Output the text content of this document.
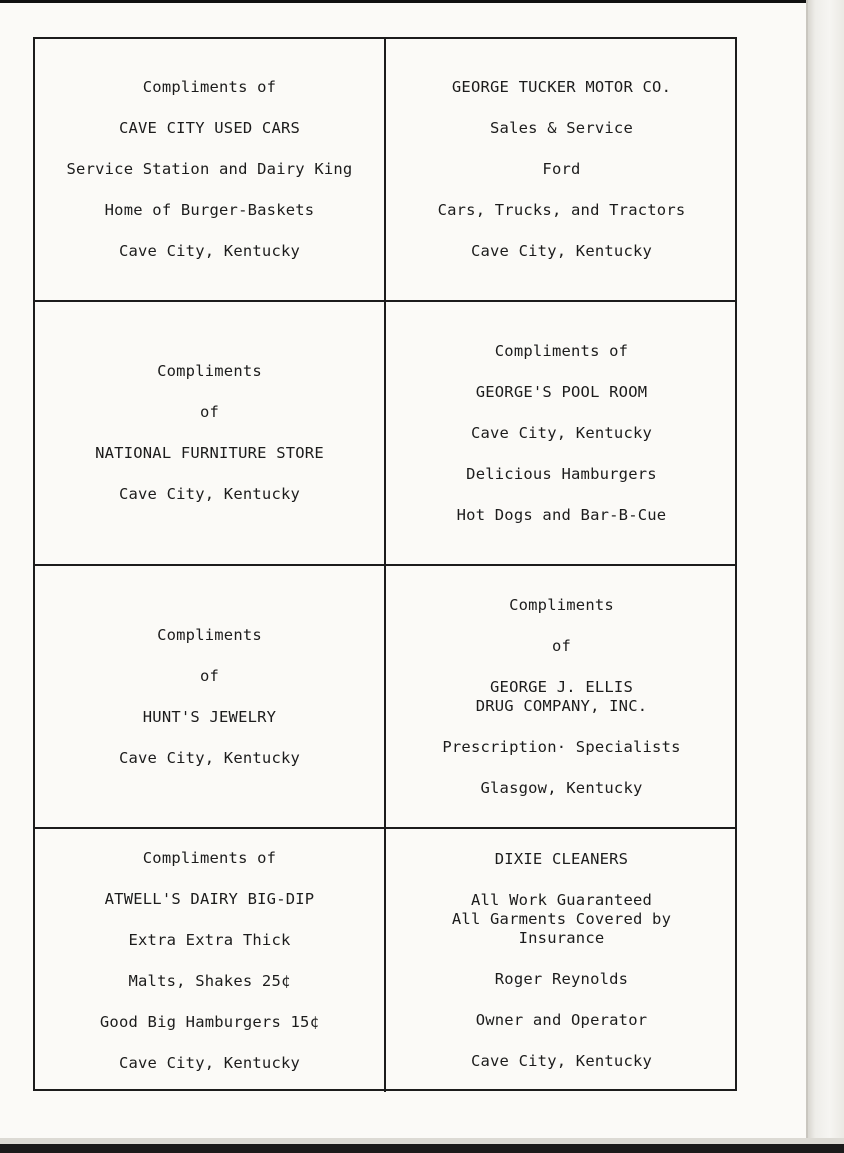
Compliments of
CAVE CITY USED CARS
Service Station and Dairy King
Home of Burger-Baskets
Cave City, Kentucky
GEORGE TUCKER MOTOR CO.
Sales & Service
Ford
Cars, Trucks, and Tractors
Cave City, Kentucky
Compliments
of
NATIONAL FURNITURE STORE
Cave City, Kentucky
Compliments of
GEORGE'S POOL ROOM
Cave City, Kentucky
Delicious Hamburgers
Hot Dogs and Bar-B-Cue
Compliments
of
HUNT'S JEWELRY
Cave City, Kentucky
Compliments
of
GEORGE J. ELLIS
DRUG COMPANY, INC.
Prescription· Specialists
Glasgow, Kentucky
Compliments of
ATWELL'S DAIRY BIG-DIP
Extra Extra Thick
Malts, Shakes 25¢
Good Big Hamburgers 15¢
Cave City, Kentucky
DIXIE CLEANERS
All Work Guaranteed
All Garments Covered by
Insurance
Roger Reynolds
Owner and Operator
Cave City, Kentucky
